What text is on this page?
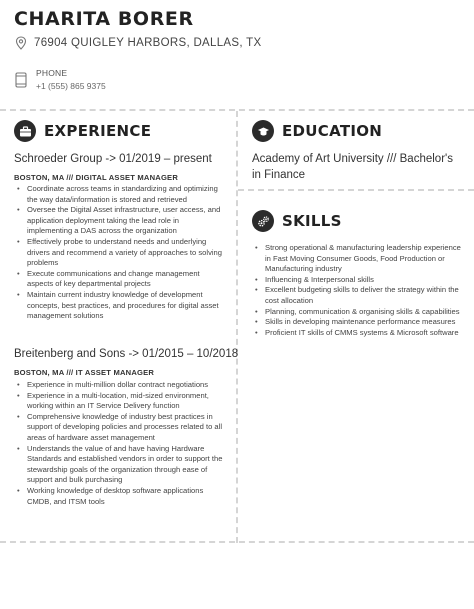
CHARITA BORER
76904 QUIGLEY HARBORS, DALLAS, TX
PHONE
+1 (555) 865 9375
EXPERIENCE
Schroeder Group -> 01/2019 – present
BOSTON, MA /// DIGITAL ASSET MANAGER
• Coordinate across teams in standardizing and optimizing the way data/information is stored and retrieved
• Oversee the Digital Asset infrastructure, user access, and application deployment taking the lead role in implementing a DAS across the organization
• Effectively probe to understand needs and underlying drivers and recommend a variety of approaches to solving problems
• Execute communications and change management aspects of key departmental projects
• Maintain current industry knowledge of development concepts, best practices, and procedures for digital asset management solutions
Breitenberg and Sons -> 01/2015 – 10/2018
BOSTON, MA /// IT ASSET MANAGER
• Experience in multi-million dollar contract negotiations
• Experience in a multi-location, mid-sized environment, working within an IT Service Delivery function
• Comprehensive knowledge of industry best practices in support of developing policies and processes related to all areas of hardware asset management
• Understands the value of and have having Hardware Standards and established vendors in order to support the stewardship goals of the organization through ease of support and bulk purchasing
• Working knowledge of desktop software applications CMDB, and ITSM tools
EDUCATION
Academy of Art University /// Bachelor's in Finance
SKILLS
• Strong operational & manufacturing leadership experience in Fast Moving Consumer Goods, Food Production or Manufacturing industry
• Influencing & Interpersonal skills
• Excellent budgeting skills to deliver the strategy within the cost allocation
• Planning, communication & organising skills & capabilities
• Skills in developing maintenance performance measures
• Proficient IT skills of CMMS systems & Microsoft software
